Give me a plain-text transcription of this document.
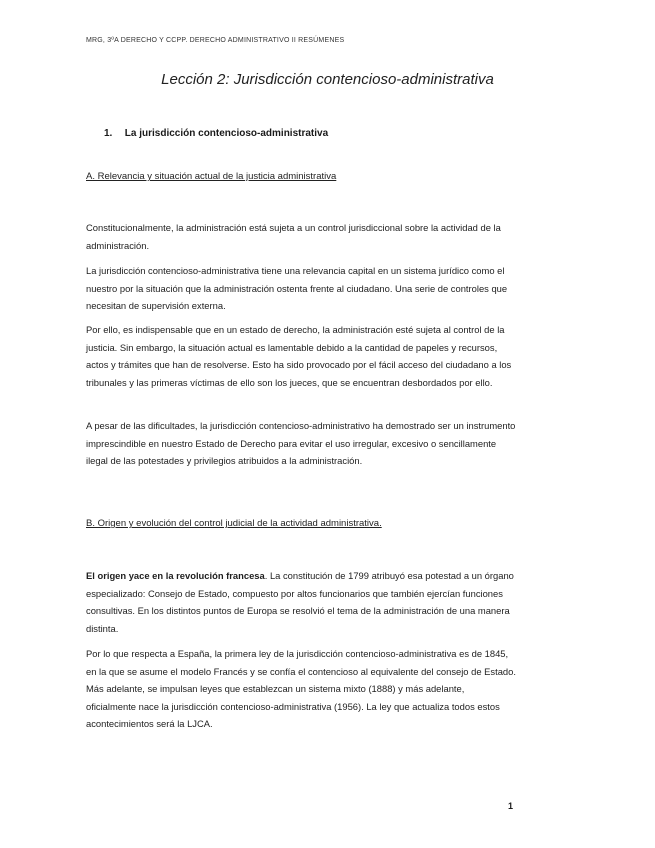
MRG, 3ºA DERECHO Y CCPP. DERECHO ADMINISTRATIVO II RESÚMENES
Lección 2: Jurisdicción contencioso-administrativa
1. La jurisdicción contencioso-administrativa
A. Relevancia y situación actual de la justicia administrativa

Constitucionalmente, la administración está sujeta a un control jurisdiccional sobre la actividad de la administración.

La jurisdicción contencioso-administrativa tiene una relevancia capital en un sistema jurídico como el nuestro por la situación que la administración ostenta frente al ciudadano. Una serie de controles que necesitan de supervisión externa.

Por ello, es indispensable que en un estado de derecho, la administración esté sujeta al control de la justicia. Sin embargo, la situación actual es lamentable debido a la cantidad de papeles y recursos, actos y trámites que han de resolverse. Esto ha sido provocado por el fácil acceso del ciudadano a los tribunales y las primeras víctimas de ello son los jueces, que se encuentran desbordados por ello.

A pesar de las dificultades, la jurisdicción contencioso-administrativo ha demostrado ser un instrumento imprescindible en nuestro Estado de Derecho para evitar el uso irregular, excesivo o sencillamente ilegal de las potestades y privilegios atribuidos a la administración.

B. Origen y evolución del control judicial de la actividad administrativa.

El origen yace en la revolución francesa. La constitución de 1799 atribuyó esa potestad a un órgano especializado: Consejo de Estado, compuesto por altos funcionarios que también ejercían funciones consultivas. En los distintos puntos de Europa se resolvió el tema de la administración de una manera distinta.

Por lo que respecta a España, la primera ley de la jurisdicción contencioso-administrativa es de 1845, en la que se asume el modelo Francés y se confía el contencioso al equivalente del consejo de Estado. Más adelante, se impulsan leyes que establezcan un sistema mixto (1888) y más adelante, oficialmente nace la jurisdicción contencioso-administrativa (1956). La ley que actualiza todos estos acontecimientos será la LJCA.

1
